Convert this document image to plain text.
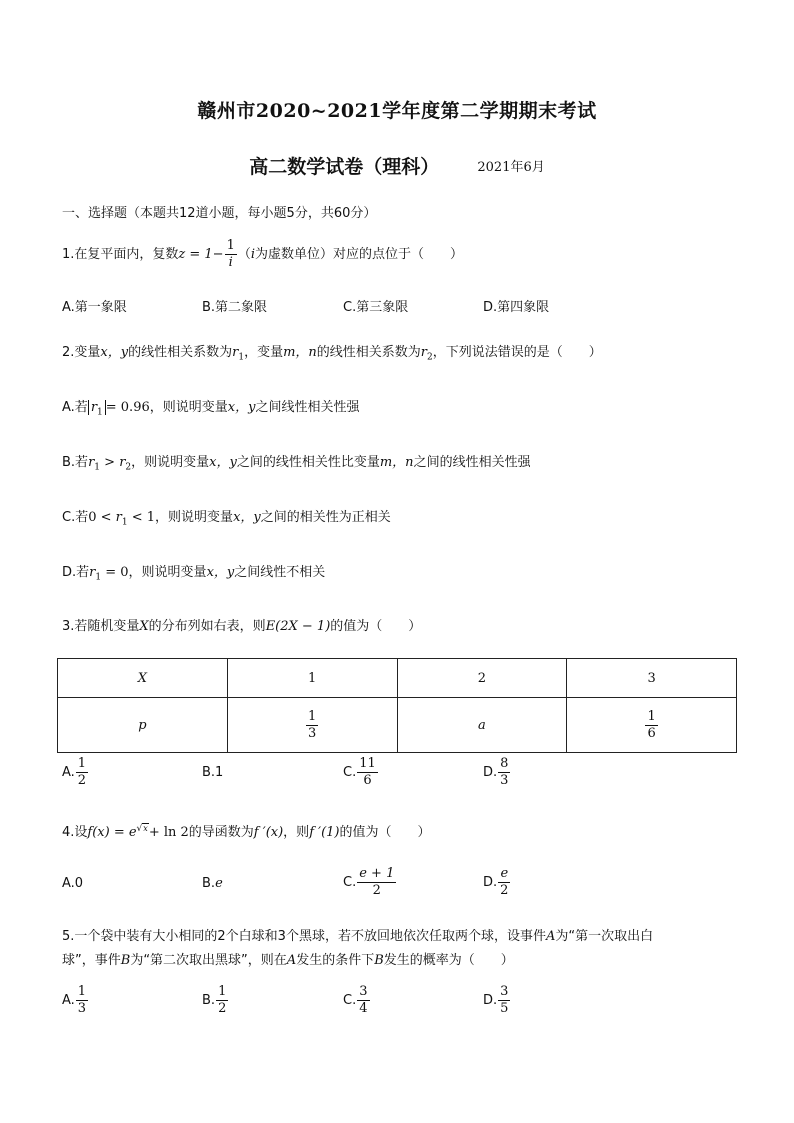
赣州市2020~2021学年度第二学期期末考试
高二数学试卷（理科）	2021年6月
一、选择题（本题共12道小题，每小题5分，共60分）
1.在复平面内，复数$z = 1- \frac{1}{i} (i$为虚数单位）对应的点位于（　　）
A.第一象限	B.第二象限	C.第三象限	D.第四象限
2.变量x，y的线性相关系数为$r_1$，变量m，n的线性相关系数为$r_2$，下列说法错误的是（　　）
A.若 $r_1 = 0.96$，则说明变量x，y之间线性相关性强
B.若$r_1 > r_2$，则说明变量x，y之间的线性相关性比变量m，n之间的线性相关性强
C.若$0 < r_1 < 1$，则说明变量x，y之间的相关性为正相关
D.若$r_1 = 0$，则说明变量x，y之间线性不相关
3.若随机变量X的分布列如右表，则E(2X − 1)的值为（　　）
X	1	2	3
p	$\frac{1}{3}$	a	$\frac{1}{6}$
A. $\frac{1}{2}$	B.1	C. $\frac{11}{6}$	D. $\frac{8}{3}$
4.设$f(x) = e^{√x}+ \ln 2$的导函数为f ′(x)，则f ′(1)的值为（　　）
A.0	B.e	C. $\frac{e + 1}{2}$	D. $\frac{e}{2}$
5.一个袋中装有大小相同的2个白球和3个黑球，若不放回地依次任取两个球，设事件A为“第一次取出白
球”，事件B为“第二次取出黑球”，则在A发生的条件下B发生的概率为（　　）
A. $\frac{1}{3}$	B. $\frac{1}{2}$	C. $\frac{3}{4}$	D. $\frac{3}{5}$
